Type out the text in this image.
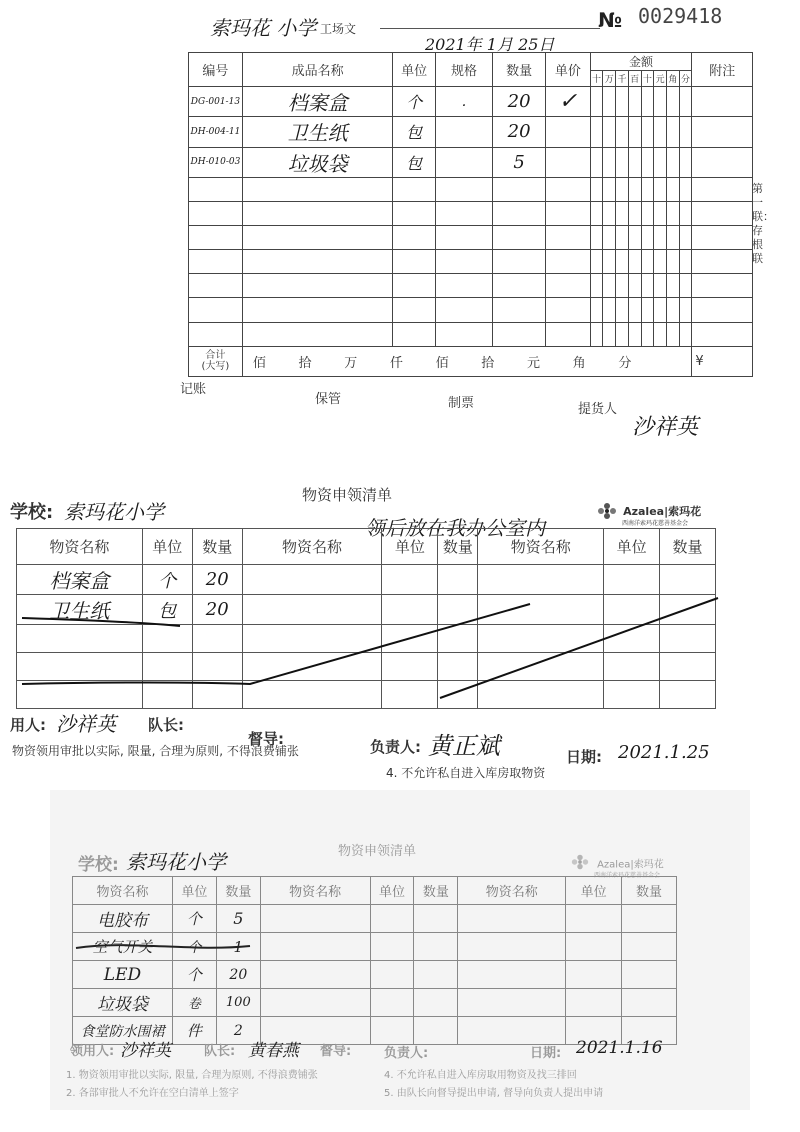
索玛花 小学 工场文	№ 0029418
2021年 1月 25日
编号	成品名称	单位	规格	数量	单价	金额								附注
						十	万	千	百	十	元	角	分	
DG-001-13	档案盒	个	.	20	✓									
DH-004-11	卫生纸	包		20										
DH-010-03	垃圾袋	包		5										

合计
(大写)	佰 拾 万 仟 佰 拾 元 角 分													¥
第一联：存根联
记账
保管	制票	提货人
沙祥英
物资申领清单
学校: 索玛花小学
领后放在我办公室内
Azalea|索玛花
西南洋索玛花慈善基金会
物资名称	单位	数量	物资名称	单位	数量	物资名称	单位	数量
档案盒	个	20						
卫生纸	包	20						

用人: 沙祥英 队长:
督导:	负责人: 黄正斌	日期: 2021.1.25
物资领用审批以实际, 限量, 合理为原则, 不得浪费铺张
4. 不允许私自进入库房取物资
物资申领清单
学校: 索玛花小学	Azalea|索玛花
西南洋索玛花慈善基金会
物资名称	单位	数量	物资名称	单位	数量	物资名称	单位	数量
电胶布	个	5						
空气开关	个	1						
LED	个	20						
垃圾袋	卷	100						
食堂防水围裙	件	2						
领用人: 沙祥英	队长: 黄春燕 督导:	负责人:	日期: 2021.1.16
1. 物资领用审批以实际, 限量, 合理为原则, 不得浪费铺张
2. 各部审批人不允许在空白清单上签字
4. 不允许私自进入库房取用物资及找三排回
5. 由队长向督导提出申请, 督导向负责人提出申请
